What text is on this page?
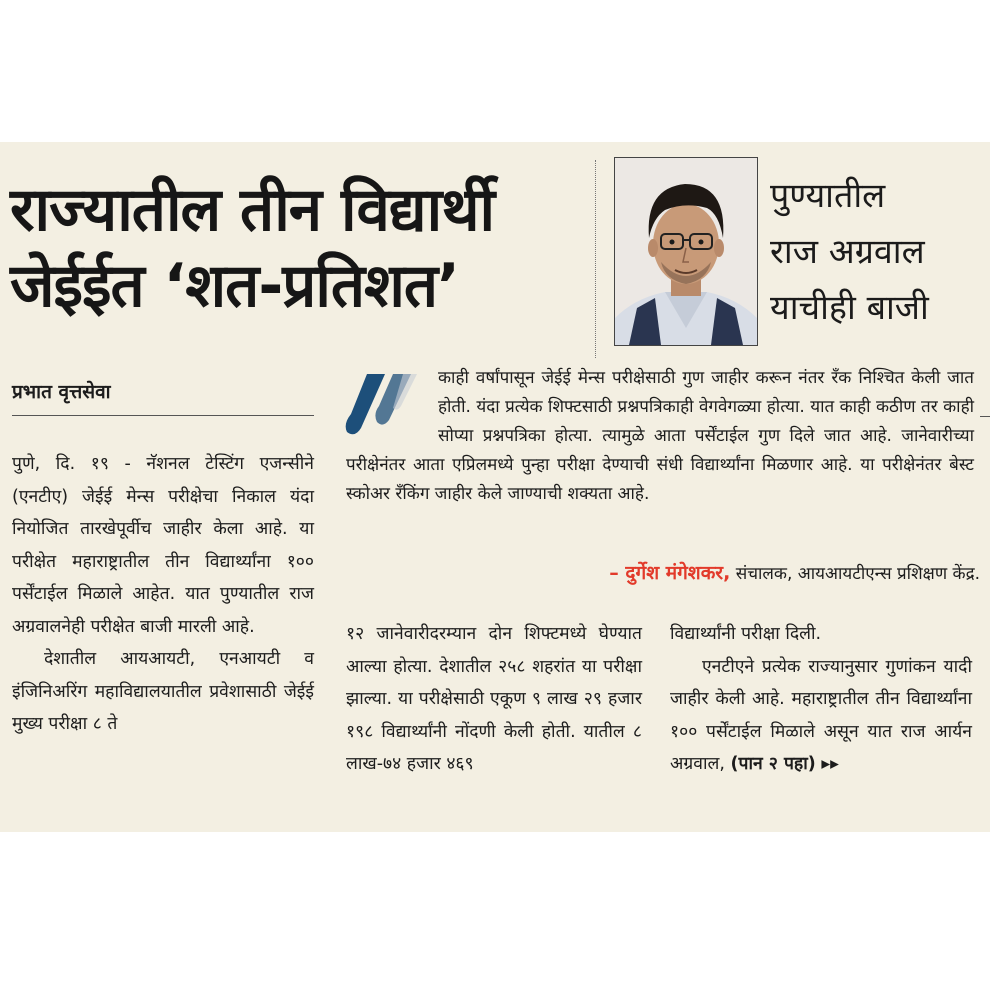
राज्यातील तीन विद्यार्थी
जेईईत ‘शत-प्रतिशत’
पुण्यातील
राज अग्रवाल
याचीही बाजी
प्रभात वृत्तसेवा
पुणे, दि. १९ - नॅशनल टेस्टिंग एजन्सीने (एनटीए) जेईई मेन्स परीक्षेचा निकाल यंदा नियोजित तारखेपूर्वीच जाहीर केला आहे. या परीक्षेत महाराष्ट्रातील तीन विद्यार्थ्यांना १०० पर्सेंटाईल मिळाले आहेत. यात पुण्यातील राज अग्रवालनेही परीक्षेत बाजी मारली आहे.
देशातील आयआयटी, एनआयटी व इंजिनिअरिंग महाविद्यालयातील प्रवेशासाठी जेईई मुख्य परीक्षा ८ ते
काही वर्षांपासून जेईई मेन्स परीक्षेसाठी गुण जाहीर करून नंतर रँक निश्चित केली जात होती. यंदा प्रत्येक शिफ्टसाठी प्रश्नपत्रिकाही वेगवेगळ्या होत्या. यात काही कठीण तर काही सोप्या प्रश्नपत्रिका होत्या. त्यामुळे आता पर्सेंटाईल गुण दिले जात आहे. जानेवारीच्या परीक्षेनंतर आता एप्रिलमध्ये पुन्हा परीक्षा देण्याची संधी विद्यार्थ्यांना मिळणार आहे. या परीक्षेनंतर बेस्ट स्कोअर रँकिंग जाहीर केले जाण्याची शक्यता आहे.
– दुर्गेश मंगेशकर, संचालक, आयआयटीएन्स प्रशिक्षण केंद्र.
१२ जानेवारीदरम्यान दोन शिफ्टमध्ये घेण्यात आल्या होत्या. देशातील २५८ शहरांत या परीक्षा झाल्या. या परीक्षेसाठी एकूण ९ लाख २९ हजार १९८ विद्यार्थ्यांनी नोंदणी केली होती. यातील ८ लाख-७४ हजार ४६९
विद्यार्थ्यांनी परीक्षा दिली.
एनटीएने प्रत्येक राज्यानुसार गुणांकन यादी जाहीर केली आहे. महाराष्ट्रातील तीन विद्यार्थ्यांना १०० पर्सेंटाईल मिळाले असून यात राज आर्यन अग्रवाल, (पान २ पहा) ▸▸
